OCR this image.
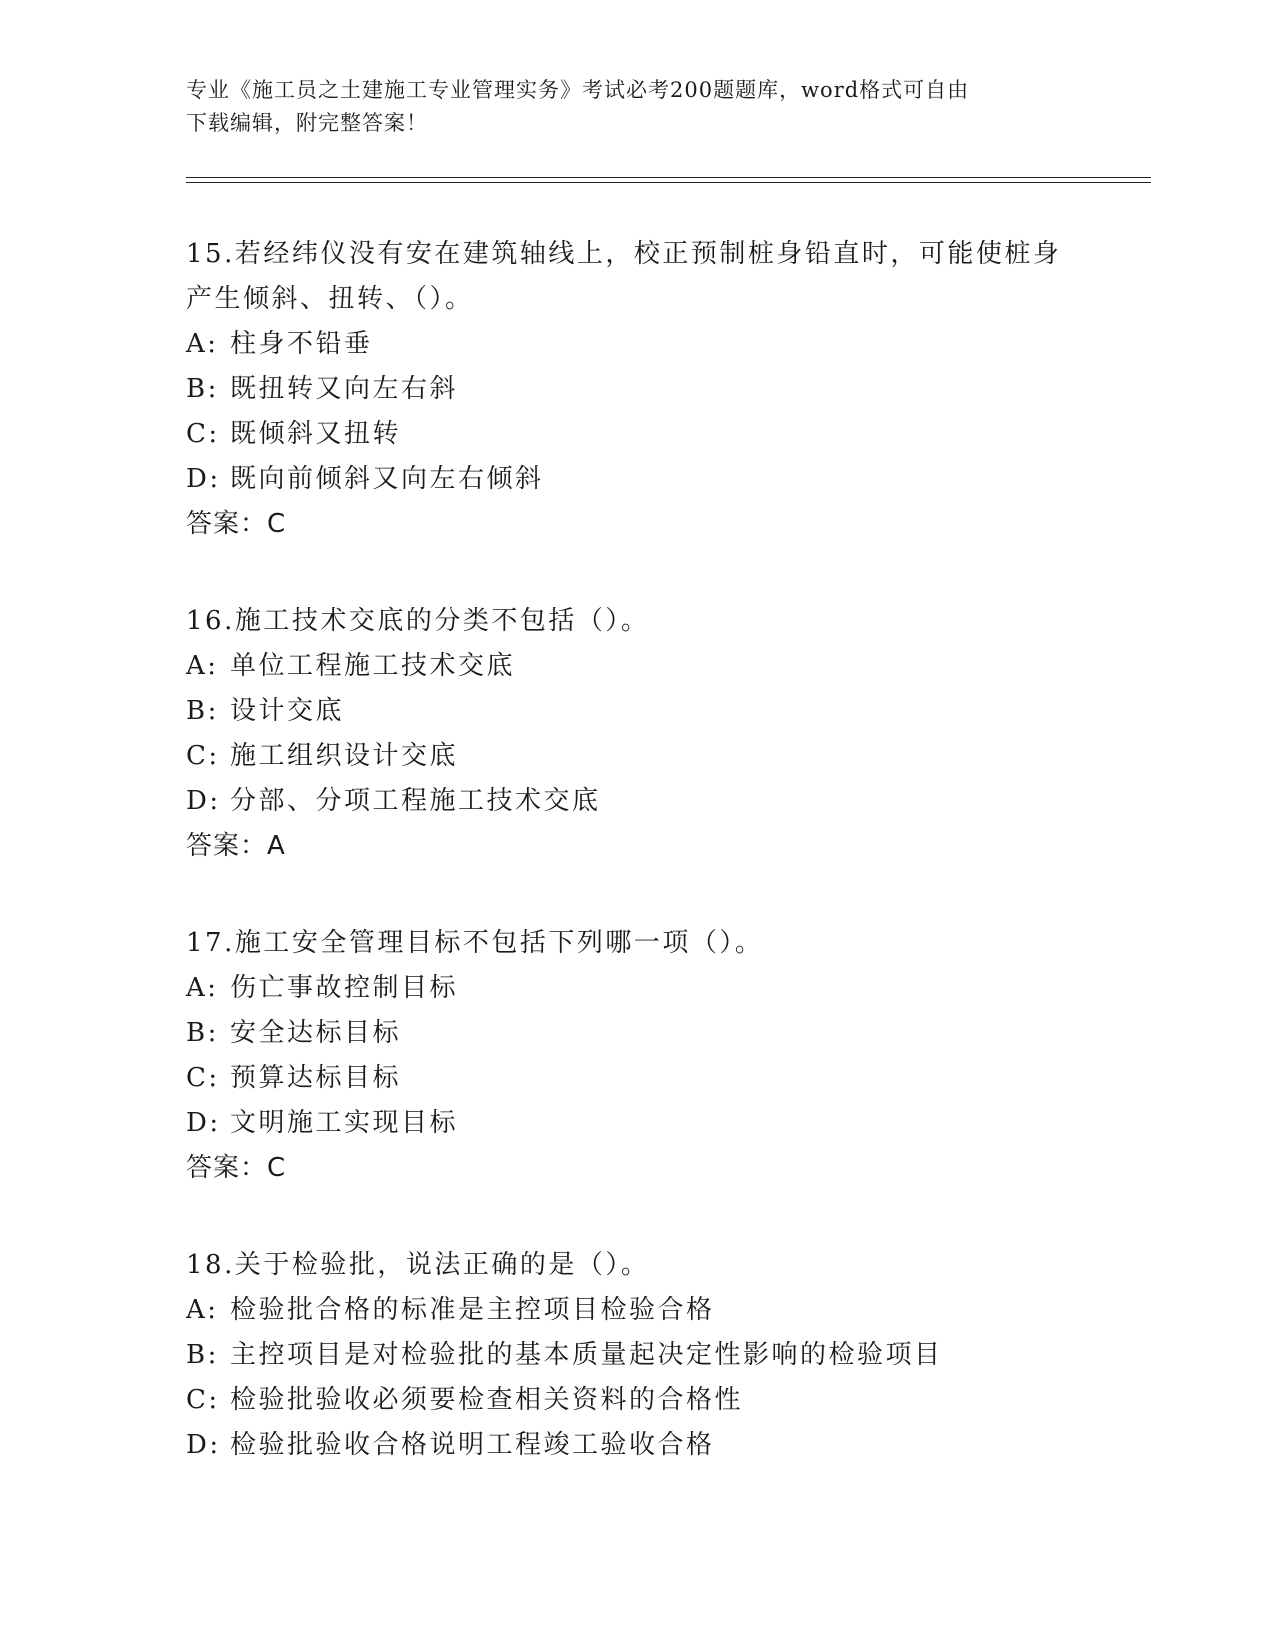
专业《施工员之土建施工专业管理实务》考试必考200题题库，word格式可自由
下载编辑，附完整答案！

15.若经纬仪没有安在建筑轴线上，校正预制桩身铅直时，可能使桩身

产生倾斜、扭转、（）。

A: 柱身不铅垂

B: 既扭转又向左右斜

C: 既倾斜又扭转

D: 既向前倾斜又向左右倾斜

答案：C

16.施工技术交底的分类不包括（）。

A: 单位工程施工技术交底

B: 设计交底

C: 施工组织设计交底

D: 分部、分项工程施工技术交底

答案：A

17.施工安全管理目标不包括下列哪一项（）。

A: 伤亡事故控制目标

B: 安全达标目标

C: 预算达标目标

D: 文明施工实现目标

答案：C

18.关于检验批，说法正确的是（）。

A: 检验批合格的标准是主控项目检验合格

B: 主控项目是对检验批的基本质量起决定性影响的检验项目

C: 检验批验收必须要检查相关资料的合格性

D: 检验批验收合格说明工程竣工验收合格
